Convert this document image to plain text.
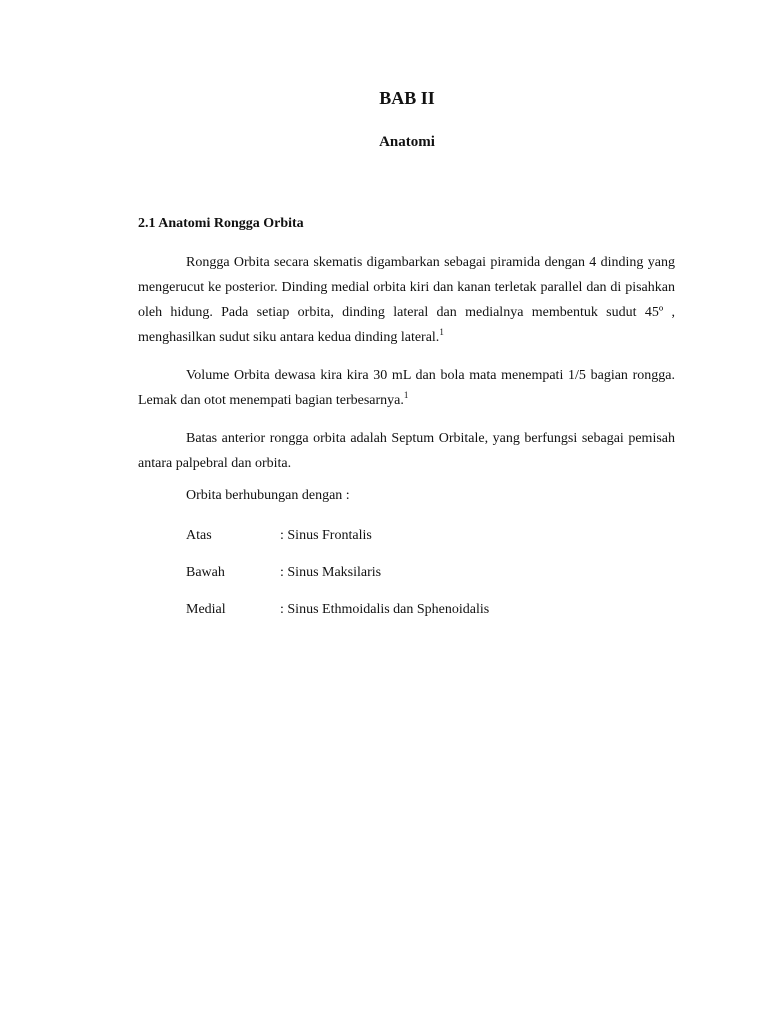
BAB II
Anatomi
2.1 Anatomi Rongga Orbita

Rongga Orbita secara skematis digambarkan sebagai piramida dengan 4 dinding yang mengerucut ke posterior. Dinding medial orbita kiri dan kanan terletak parallel dan di pisahkan oleh hidung. Pada setiap orbita, dinding lateral dan medialnya membentuk sudut 45º , menghasilkan sudut siku antara kedua dinding lateral.$^1$

Volume Orbita dewasa kira kira 30 mL dan bola mata menempati 1/5 bagian rongga. Lemak dan otot menempati bagian terbesarnya.$^1$

Batas anterior rongga orbita adalah Septum Orbitale, yang berfungsi sebagai pemisah antara palpebral dan orbita.

Orbita berhubungan dengan :

Atas	: Sinus Frontalis
Bawah	: Sinus Maksilaris
Medial	: Sinus Ethmoidalis dan Sphenoidalis
